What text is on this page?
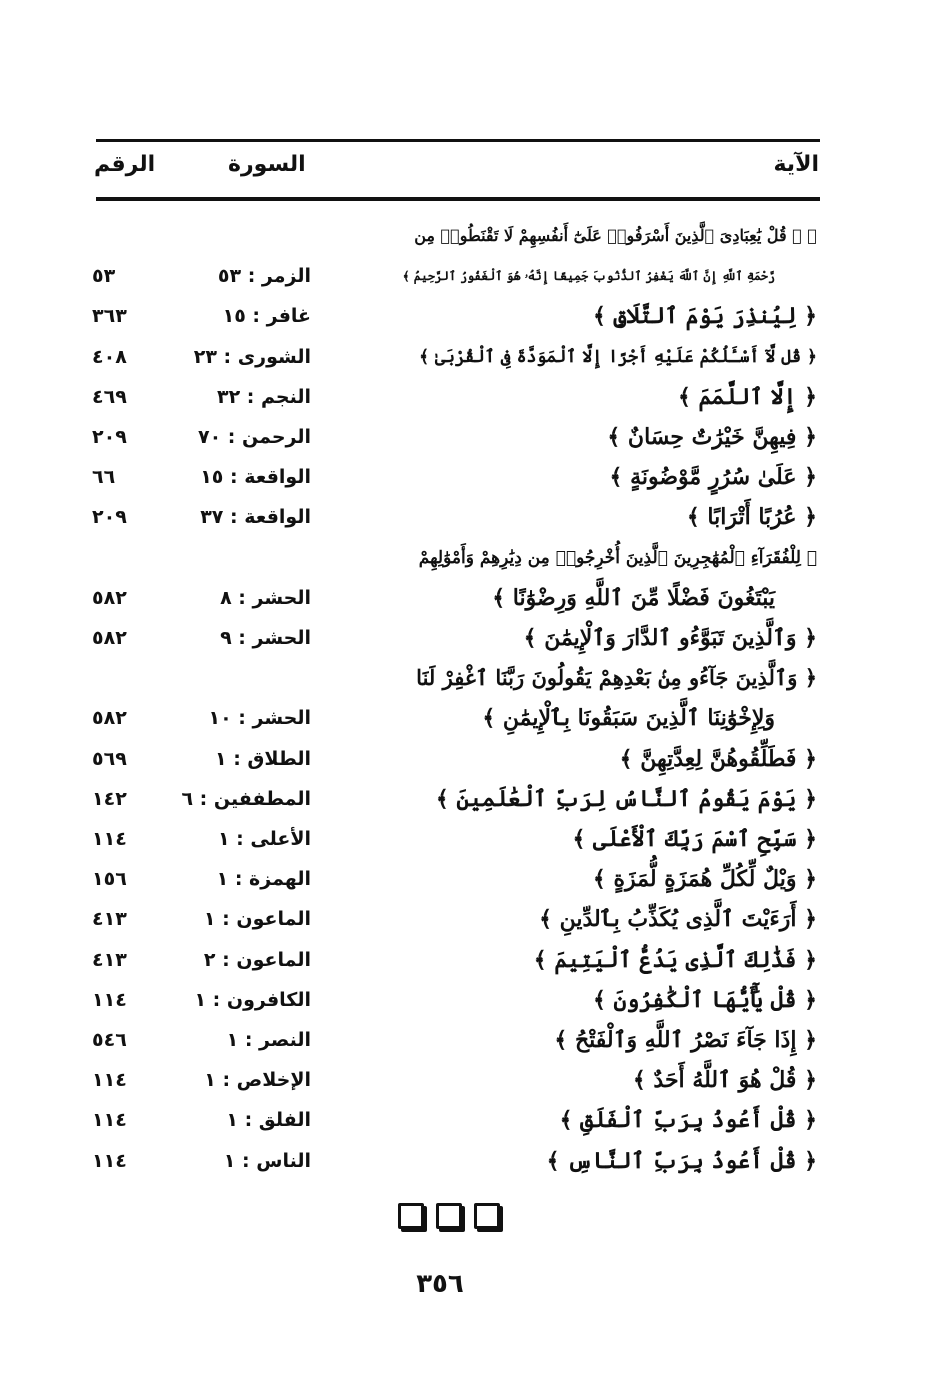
الآية
السورة
الرقم
﴿ ۞ قُلْ يَٰعِبَادِىَ ٱلَّذِينَ أَسْرَفُوا۟ عَلَىٰٓ أَنفُسِهِمْ لَا تَقْنَطُوا۟ مِن
رَّحْمَةِ ٱللَّهِ إِنَّ ٱللَّهَ يَغْفِرُ ٱلذُّنُوبَ جَمِيعًا إِنَّهُۥ هُوَ ٱلْغَفُورُ ٱلرَّحِيمُ ﴾
الزمر : ٥٣
٥٣
﴿ لِيُنذِرَ يَوْمَ ٱلتَّلَاقِ ﴾
غافر : ١٥
٣٦٣
﴿ قُل لَّآ أَسْـَٔلُكُمْ عَلَيْهِ أَجْرًا إِلَّا ٱلْمَوَدَّةَ فِى ٱلْقُرْبَىٰ ﴾
الشورى : ٢٣
٤٠٨
﴿ إِلَّا ٱللَّمَمَ ﴾
النجم : ٣٢
٤٦٩
﴿ فِيهِنَّ خَيْرَٰتٌ حِسَانٌ ﴾
الرحمن : ٧٠
٢٠٩
﴿ عَلَىٰ سُرُرٍ مَّوْضُونَةٍ ﴾
الواقعة : ١٥
٦٦
﴿ عُرُبًا أَتْرَابًا ﴾
الواقعة : ٣٧
٢٠٩
﴿ لِلْفُقَرَآءِ ٱلْمُهَٰجِرِينَ ٱلَّذِينَ أُخْرِجُوا۟ مِن دِيَٰرِهِمْ وَأَمْوَٰلِهِمْ
يَبْتَغُونَ فَضْلًا مِّنَ ٱللَّهِ وَرِضْوَٰنًا ﴾
الحشر : ٨
٥٨٢
﴿ وَٱلَّذِينَ تَبَوَّءُو ٱلدَّارَ وَٱلْإِيمَٰنَ ﴾
الحشر : ٩
٥٨٢
﴿ وَٱلَّذِينَ جَآءُو مِنۢ بَعْدِهِمْ يَقُولُونَ رَبَّنَا ٱغْفِرْ لَنَا
وَلِإِخْوَٰنِنَا ٱلَّذِينَ سَبَقُونَا بِٱلْإِيمَٰنِ ﴾
الحشر : ١٠
٥٨٢
﴿ فَطَلِّقُوهُنَّ لِعِدَّتِهِنَّ ﴾
الطلاق : ١
٥٦٩
﴿ يَوْمَ يَقُومُ ٱلنَّاسُ لِرَبِّ ٱلْعَٰلَمِينَ ﴾
المطففين : ٦
١٤٢
﴿ سَبِّحِ ٱسْمَ رَبِّكَ ٱلْأَعْلَى ﴾
الأعلى : ١
١١٤
﴿ وَيْلٌ لِّكُلِّ هُمَزَةٍ لُّمَزَةٍ ﴾
الهمزة : ١
١٥٦
﴿ أَرَءَيْتَ ٱلَّذِى يُكَذِّبُ بِٱلدِّينِ ﴾
الماعون : ١
٤١٣
﴿ فَذَٰلِكَ ٱلَّذِى يَدُعُّ ٱلْيَتِيمَ ﴾
الماعون : ٢
٤١٣
﴿ قُلْ يَٰٓأَيُّهَا ٱلْكَٰفِرُونَ ﴾
الكافرون : ١
١١٤
﴿ إِذَا جَآءَ نَصْرُ ٱللَّهِ وَٱلْفَتْحُ ﴾
النصر : ١
٥٤٦
﴿ قُلْ هُوَ ٱللَّهُ أَحَدٌ ﴾
الإخلاص : ١
١١٤
﴿ قُلْ أَعُوذُ بِرَبِّ ٱلْفَلَقِ ﴾
الفلق : ١
١١٤
﴿ قُلْ أَعُوذُ بِرَبِّ ٱلنَّاسِ ﴾
الناس : ١
١١٤
٣٥٦
